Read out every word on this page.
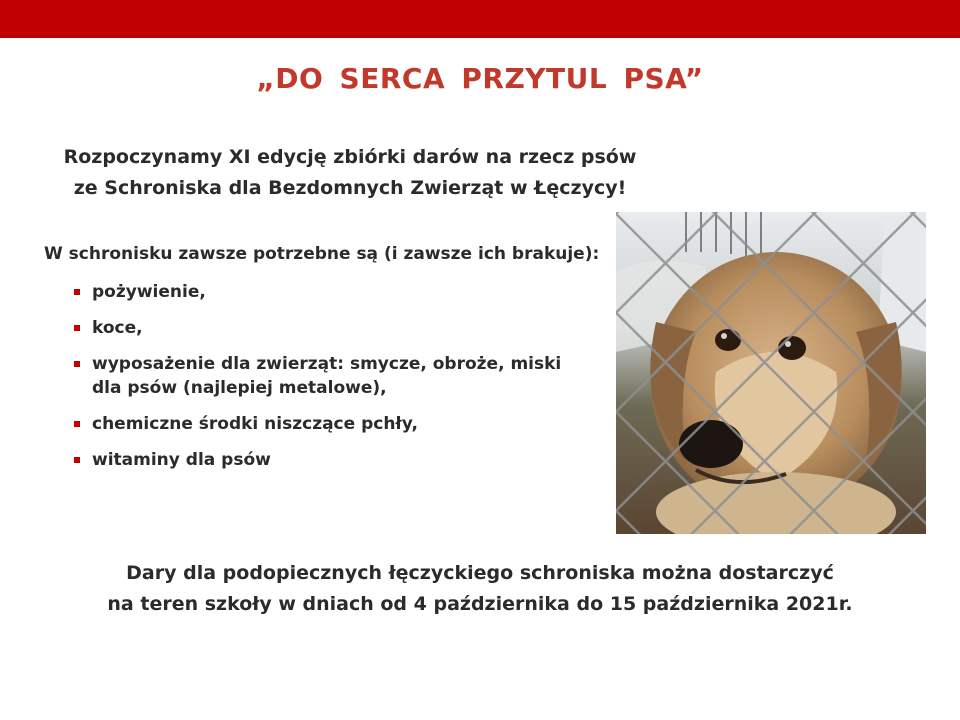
„DO SERCA PRZYTUL PSA”
Rozpoczynamy XI edycję zbiórki darów na rzecz psów
ze Schroniska dla Bezdomnych Zwierząt w Łęczycy!
W schronisku zawsze potrzebne są (i zawsze ich brakuje):
pożywienie,
koce,
wyposażenie dla zwierząt: smycze, obroże, miski
dla psów (najlepiej metalowe),
chemiczne środki niszczące pchły,
witaminy dla psów
Dary dla podopiecznych łęczyckiego schroniska można dostarczyć
na teren szkoły w dniach od 4 października do 15 października 2021r.
